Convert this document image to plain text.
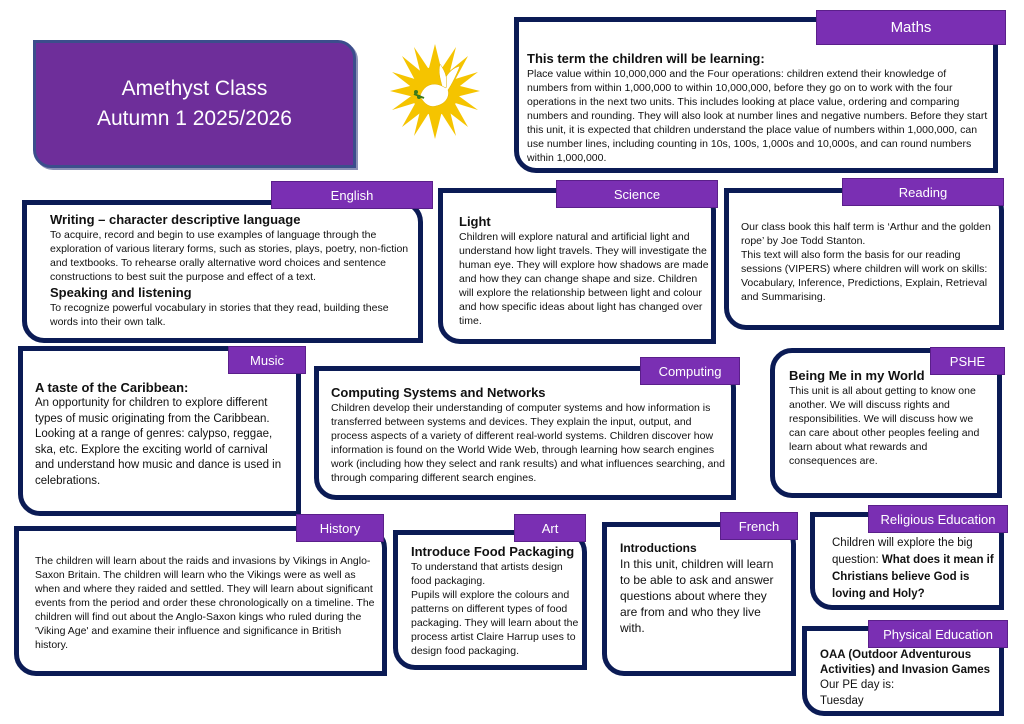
Amethyst Class
Autumn 1 2025/2026
Maths
This term the children will be learning:
Place value within 10,000,000 and the Four operations: children extend their knowledge of numbers from within 1,000,000 to within 10,000,000, before they go on to work with the four operations in the next two units. This includes looking at place value, ordering and comparing numbers and rounding. They will also look at number lines and negative numbers. Before they start this unit, it is expected that children understand the place value of numbers within 1,000,000, can use number lines, including counting in 10s, 100s, 1,000s and 10,000s, and can round numbers within 1,000,000.
English
Writing – character descriptive language
To acquire, record and begin to use examples of language through the exploration of various literary forms, such as stories, plays, poetry, non-fiction and textbooks. To rehearse orally alternative word choices and sentence constructions to best suit the purpose and effect of a text.
Speaking and listening
To recognize powerful vocabulary in stories that they read, building these words into their own talk.
Science
Light
Children will explore natural and artificial light and understand how light travels. They will investigate the human eye. They will explore how shadows are made and how they can change shape and size. Children will explore the relationship between light and colour and how specific ideas about light has changed over time.
Reading
Our class book this half term is ‘Arthur and the golden rope’ by Joe Todd Stanton.
This text will also form the basis for our reading sessions (VIPERS) where children will work on skills: Vocabulary, Inference, Predictions, Explain, Retrieval and Summarising.
Music
A taste of the Caribbean:
An opportunity for children to explore different types of music originating from the Caribbean. Looking at a range of genres: calypso, reggae, ska, etc. Explore the exciting world of carnival and understand how music and dance is used in celebrations.
Computing
Computing Systems and Networks
Children develop their understanding of computer systems and how information is transferred between systems and devices. They explain the input, output, and process aspects of a variety of different real-world systems. Children discover how information is found on the World Wide Web, through learning how search engines work (including how they select and rank results) and what influences searching, and through comparing different search engines.
PSHE
Being Me in my World
This unit is all about getting to know one another. We will discuss rights and responsibilities. We will discuss how we can care about other peoples feeling and learn about what rewards and consequences are.
History
The children will learn about the raids and invasions by Vikings in Anglo-Saxon Britain. The children will learn who the Vikings were as well as when and where they raided and settled. They will learn about significant events from the period and order these chronologically on a timeline. The children will find out about the Anglo-Saxon kings who ruled during the 'Viking Age' and examine their influence and significance in British history.
Art
Introduce Food Packaging
To understand that artists design food packaging.
Pupils will explore the colours and patterns on different types of food packaging. They will learn about the process artist Claire Harrup uses to design food packaging.
French
Introductions
In this unit, children will learn to be able to ask and answer questions about where they are from and who they live with.
Religious Education
Children will explore the big question: What does it mean if Christians believe God is loving and Holy?
Physical Education
OAA (Outdoor Adventurous Activities) and Invasion Games
Our PE day is:
Tuesday
